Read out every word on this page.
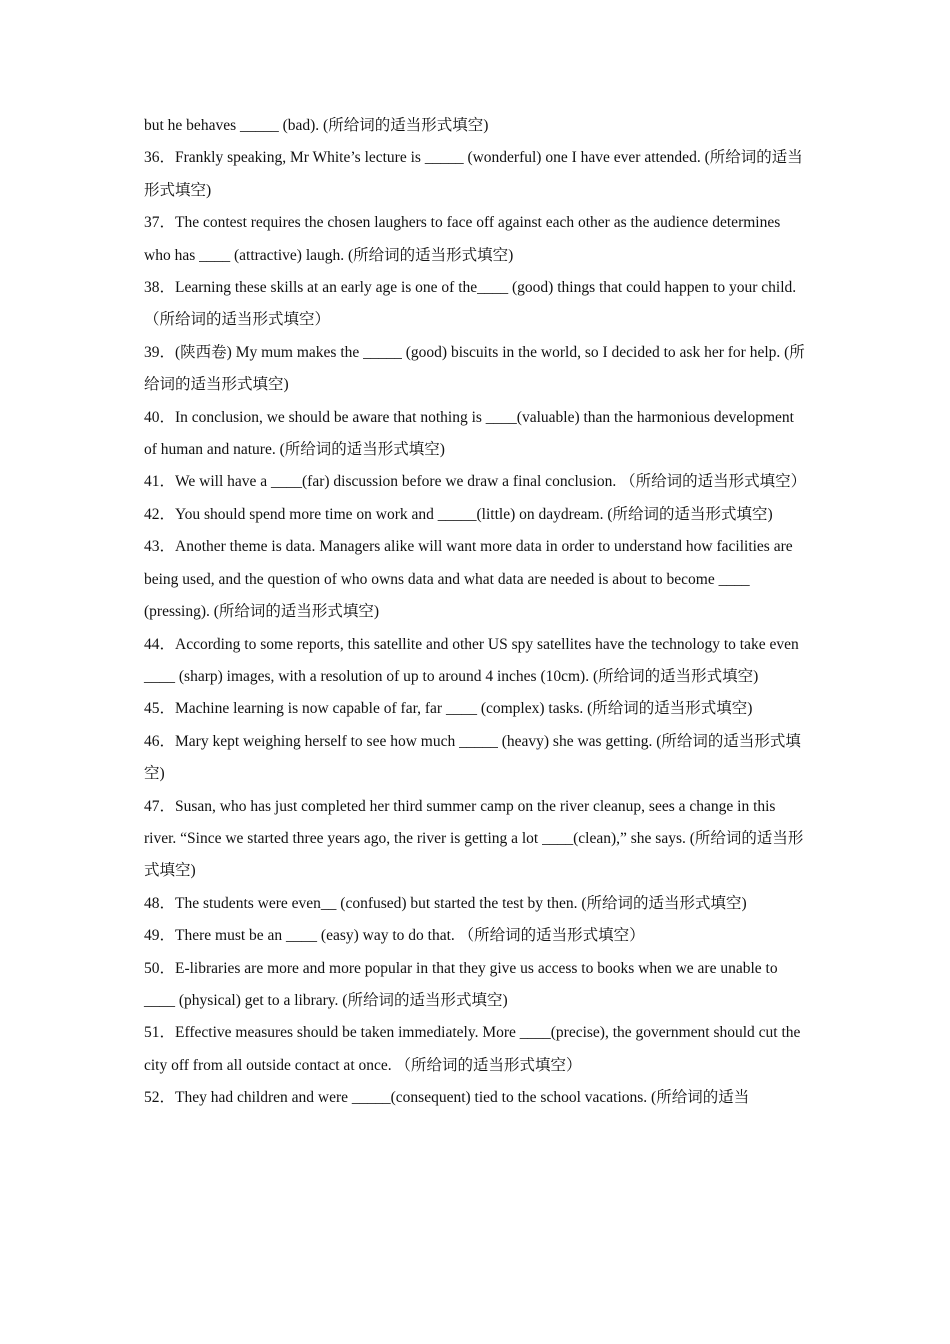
but he behaves _____ (bad). (所给词的适当形式填空)

36．Frankly speaking, Mr White’s lecture is _____ (wonderful) one I have ever attended. (所给词的适当形式填空)

37．The contest requires the chosen laughers to face off against each other as the audience determines who has ____ (attractive) laugh. (所给词的适当形式填空)

38．Learning these skills at an early age is one of the____ (good) things that could happen to your child. （所给词的适当形式填空）

39．(陕西卷) My mum makes the _____ (good) biscuits in the world, so I decided to ask her for help. (所给词的适当形式填空)

40．In conclusion, we should be aware that nothing is ____(valuable) than the harmonious development of human and nature. (所给词的适当形式填空)

41．We will have a ____(far) discussion before we draw a final conclusion. （所给词的适当形式填空）

42．You should spend more time on work and _____(little) on daydream. (所给词的适当形式填空)

43．Another theme is data. Managers alike will want more data in order to understand how facilities are being used, and the question of who owns data and what data are needed is about to become ____ (pressing). (所给词的适当形式填空)

44．According to some reports, this satellite and other US spy satellites have the technology to take even ____ (sharp) images, with a resolution of up to around 4 inches (10cm). (所给词的适当形式填空)

45．Machine learning is now capable of far, far ____ (complex) tasks. (所给词的适当形式填空)

46．Mary kept weighing herself to see how much _____ (heavy) she was getting. (所给词的适当形式填空)

47．Susan, who has just completed her third summer camp on the river cleanup, sees a change in this river. “Since we started three years ago, the river is getting a lot ____(clean),” she says. (所给词的适当形式填空)

48．The students were even__ (confused) but started the test by then. (所给词的适当形式填空)

49．There must be an ____ (easy) way to do that. （所给词的适当形式填空）

50．E-libraries are more and more popular in that they give us access to books when we are unable to ____ (physical) get to a library. (所给词的适当形式填空)

51．Effective measures should be taken immediately. More ____(precise), the government should cut the city off from all outside contact at once. （所给词的适当形式填空）

52．They had children and were _____(consequent) tied to the school vacations. (所给词的适当
